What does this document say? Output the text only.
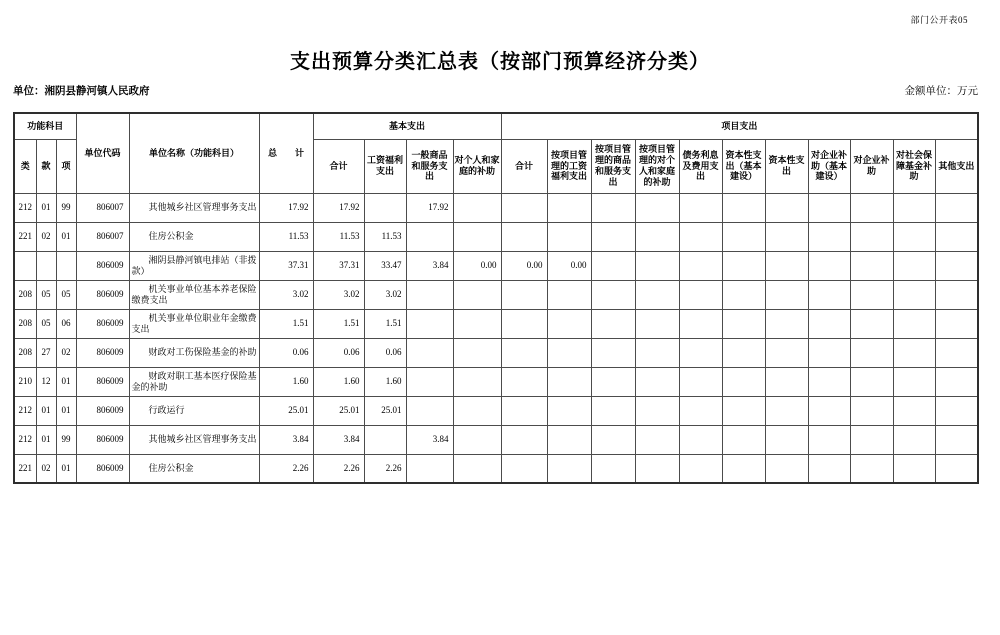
部门公开表05
支出预算分类汇总表（按部门预算经济分类）
单位：湘阴县静河镇人民政府	金额单位：万元
功能科目			单位代码	单位名称（功能科目）	总　　计	基本支出				项目支出										
类	款	项				合计	工资福利支出	一般商品和服务支出	对个人和家庭的补助	合计	按项目管理的工资福利支出	按项目管理的商品和服务支出	按项目管理的对个人和家庭的补助	债务利息及费用支出	资本性支出（基本建设）	资本性支出	对企业补助（基本建设）	对企业补助	对社会保障基金补助	其他支出
212	01	99	806007	其他城乡社区管理事务支出	17.92	17.92		17.92												
221	02	01	806007	住房公积金	11.53	11.53	11.53													
			806009	湘阴县静河镇电排站（非拨款）	37.31	37.31	33.47	3.84	0.00	0.00	0.00									
208	05	05	806009	机关事业单位基本养老保险缴费支出	3.02	3.02	3.02													
208	05	06	806009	机关事业单位职业年金缴费支出	1.51	1.51	1.51													
208	27	02	806009	财政对工伤保险基金的补助	0.06	0.06	0.06													
210	12	01	806009	财政对职工基本医疗保险基金的补助	1.60	1.60	1.60													
212	01	01	806009	行政运行	25.01	25.01	25.01													
212	01	99	806009	其他城乡社区管理事务支出	3.84	3.84		3.84												
221	02	01	806009	住房公积金	2.26	2.26	2.26													
